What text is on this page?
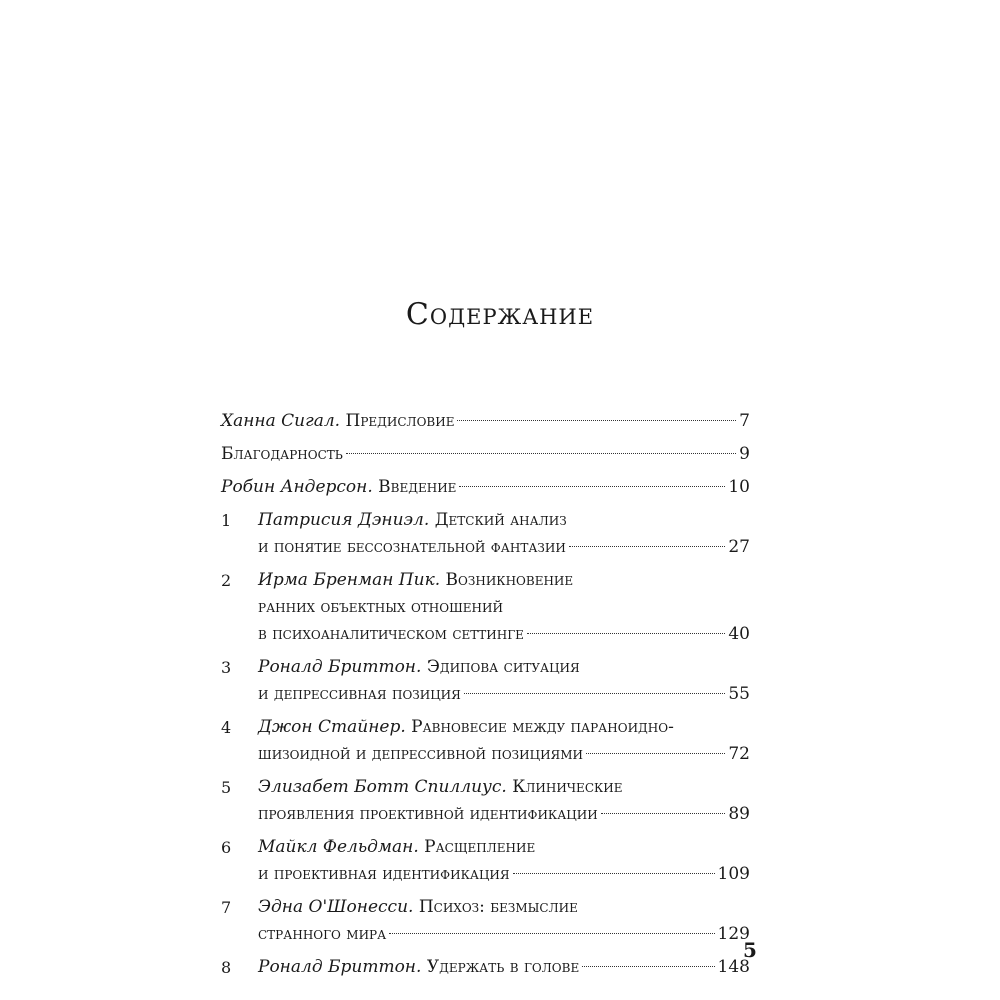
Содержание
Ханна Сигал.
Предисловие	7
Благодарность	9
Робин Андерсон.
Введение	10
1 Патрисия Дэниэл.
Детский анализ
и понятие бессознательной фантазии	27
2 Ирма Бренман Пик.
Возникновение
ранних объектных отношений
в психоаналитическом сеттинге	40
3 Роналд Бриттон.
Эдипова ситуация
и депрессивная позиция	55
4 Джон Стайнер.
Равновесие между параноидно-
шизоидной и депрессивной позициями	72
5 Элизабет Ботт Спиллиус.
Клинические
проявления проективной идентификации	89
6 Майкл Фельдман.
Расщепление
и проективная идентификация	109
7 Эдна О'Шонесси.
Психоз: безмыслие
странного мира	129
8 Роналд Бриттон.
Удержать в голове	148
5
